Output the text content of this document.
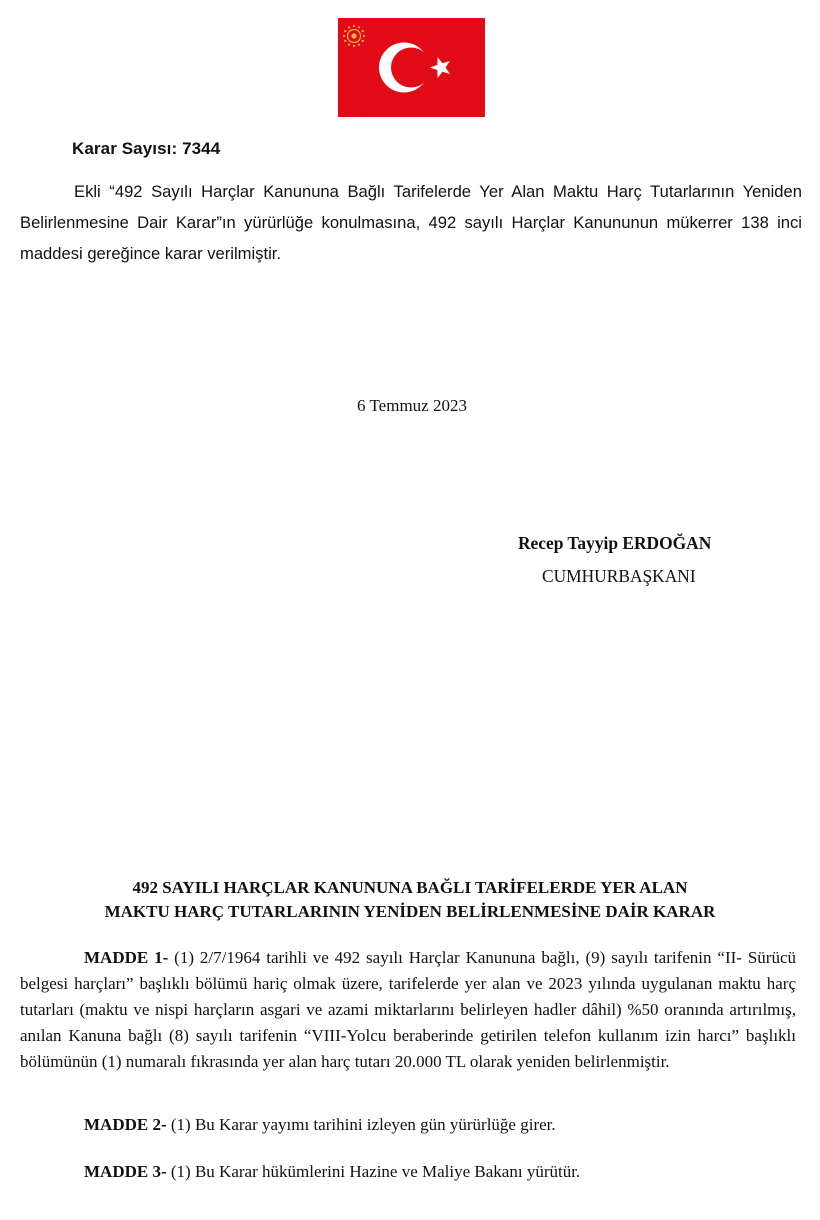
Karar Sayısı: 7344

Ekli “492 Sayılı Harçlar Kanununa Bağlı Tarifelerde Yer Alan Maktu Harç Tutarlarının Yeniden Belirlenmesine Dair Karar”ın yürürlüğe konulmasına, 492 sayılı Harçlar Kanununun mükerrer 138 inci maddesi gereğince karar verilmiştir.

6 Temmuz 2023

Recep Tayyip ERDOĞAN

CUMHURBAŞKANI

492 SAYILI HARÇLAR KANUNUNA BAĞLI TARİFELERDE YER ALAN
MAKTU HARÇ TUTARLARININ YENİDEN BELİRLENMESİNE DAİR KARAR

MADDE 1- (1) 2/7/1964 tarihli ve 492 sayılı Harçlar Kanununa bağlı, (9) sayılı tarifenin “II- Sürücü belgesi harçları” başlıklı bölümü hariç olmak üzere, tarifelerde yer alan ve 2023 yılında uygulanan maktu harç tutarları (maktu ve nispi harçların asgari ve azami miktarlarını belirleyen hadler dâhil) %50 oranında artırılmış, anılan Kanuna bağlı (8) sayılı tarifenin “VIII-Yolcu beraberinde getirilen telefon kullanım izin harcı” başlıklı bölümünün (1) numaralı fıkrasında yer alan harç tutarı 20.000 TL olarak yeniden belirlenmiştir.

MADDE 2- (1) Bu Karar yayımı tarihini izleyen gün yürürlüğe girer.

MADDE 3- (1) Bu Karar hükümlerini Hazine ve Maliye Bakanı yürütür.
